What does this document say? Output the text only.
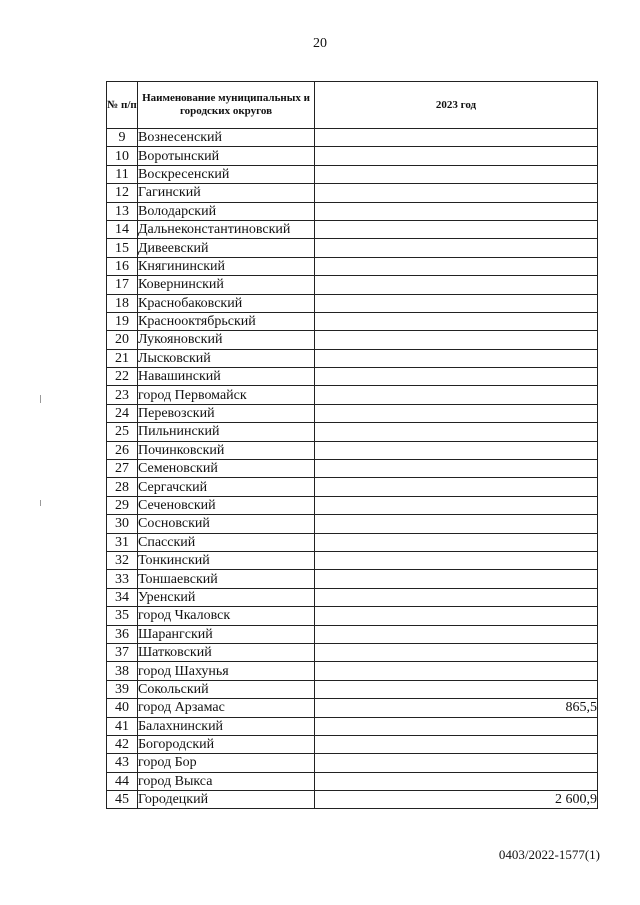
20
№ п/п	Наименование муниципальных и городских округов	2023 год
9	Вознесенский	
10	Воротынский	
11	Воскресенский	
12	Гагинский	
13	Володарский	
14	Дальнеконстантиновский	
15	Дивеевский	
16	Княгининский	
17	Ковернинский	
18	Краснобаковский	
19	Краснооктябрьский	
20	Лукояновский	
21	Лысковский	
22	Навашинский	
23	город Первомайск	
24	Перевозский	
25	Пильнинский	
26	Починковский	
27	Семеновский	
28	Сергачский	
29	Сеченовский	
30	Сосновский	
31	Спасский	
32	Тонкинский	
33	Тоншаевский	
34	Уренский	
35	город Чкаловск	
36	Шарангский	
37	Шатковский	
38	город Шахунья	
39	Сокольский	
40	город Арзамас	865,5
41	Балахнинский	
42	Богородский	
43	город Бор	
44	город Выкса	
45	Городецкий	2 600,9
0403/2022-1577(1)
